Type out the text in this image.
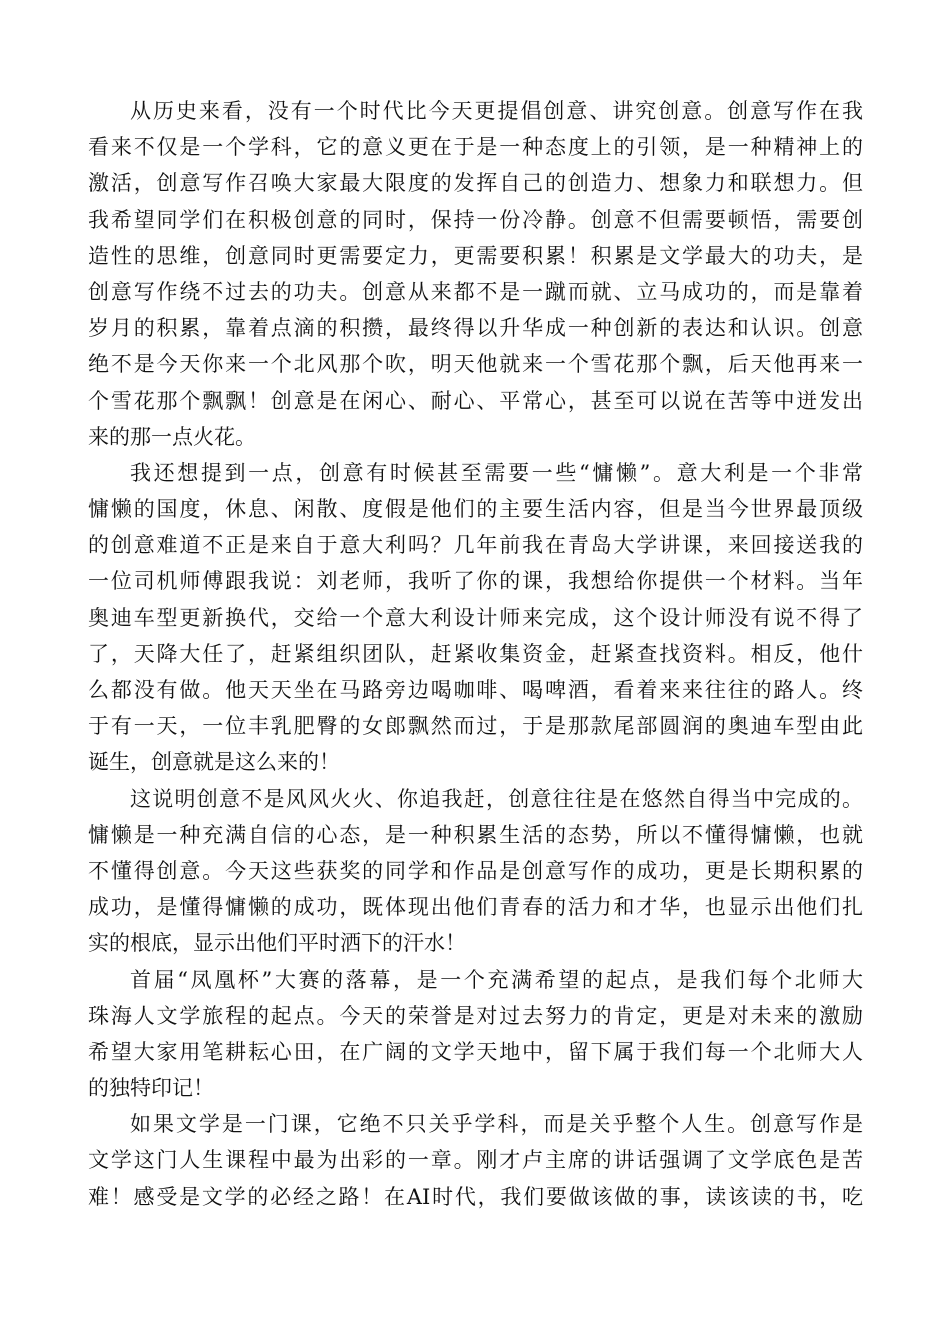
从历史来看，没有一个时代比今天更提倡创意、讲究创意。创意写作在我
看来不仅是一个学科，它的意义更在于是一种态度上的引领，是一种精神上的
激活，创意写作召唤大家最大限度的发挥自己的创造力、想象力和联想力。但
我希望同学们在积极创意的同时，保持一份冷静。创意不但需要顿悟，需要创
造性的思维，创意同时更需要定力，更需要积累！积累是文学最大的功夫，是
创意写作绕不过去的功夫。创意从来都不是一蹴而就、立马成功的，而是靠着
岁月的积累，靠着点滴的积攒，最终得以升华成一种创新的表达和认识。创意
绝不是今天你来一个北风那个吹，明天他就来一个雪花那个飘，后天他再来一
个雪花那个飘飘！创意是在闲心、耐心、平常心，甚至可以说在苦等中迸发出
来的那一点火花。
我还想提到一点，创意有时候甚至需要一些“慵懒”。意大利是一个非常
慵懒的国度，休息、闲散、度假是他们的主要生活内容，但是当今世界最顶级
的创意难道不正是来自于意大利吗？几年前我在青岛大学讲课，来回接送我的
一位司机师傅跟我说：刘老师，我听了你的课，我想给你提供一个材料。当年
奥迪车型更新换代，交给一个意大利设计师来完成，这个设计师没有说不得了
了，天降大任了，赶紧组织团队，赶紧收集资金，赶紧查找资料。相反，他什
么都没有做。他天天坐在马路旁边喝咖啡、喝啤酒，看着来来往往的路人。终
于有一天，一位丰乳肥臀的女郎飘然而过，于是那款尾部圆润的奥迪车型由此
诞生，创意就是这么来的！
这说明创意不是风风火火、你追我赶，创意往往是在悠然自得当中完成的。
慵懒是一种充满自信的心态，是一种积累生活的态势，所以不懂得慵懒，也就
不懂得创意。今天这些获奖的同学和作品是创意写作的成功，更是长期积累的
成功，是懂得慵懒的成功，既体现出他们青春的活力和才华，也显示出他们扎
实的根底，显示出他们平时洒下的汗水！
首届“凤凰杯”大赛的落幕，是一个充满希望的起点，是我们每个北师大
珠海人文学旅程的起点。今天的荣誉是对过去努力的肯定，更是对未来的激励
希望大家用笔耕耘心田，在广阔的文学天地中，留下属于我们每一个北师大人
的独特印记！
如果文学是一门课，它绝不只关乎学科，而是关乎整个人生。创意写作是
文学这门人生课程中最为出彩的一章。刚才卢主席的讲话强调了文学底色是苦
难！感受是文学的必经之路！在AI时代，我们要做该做的事，读该读的书，吃
